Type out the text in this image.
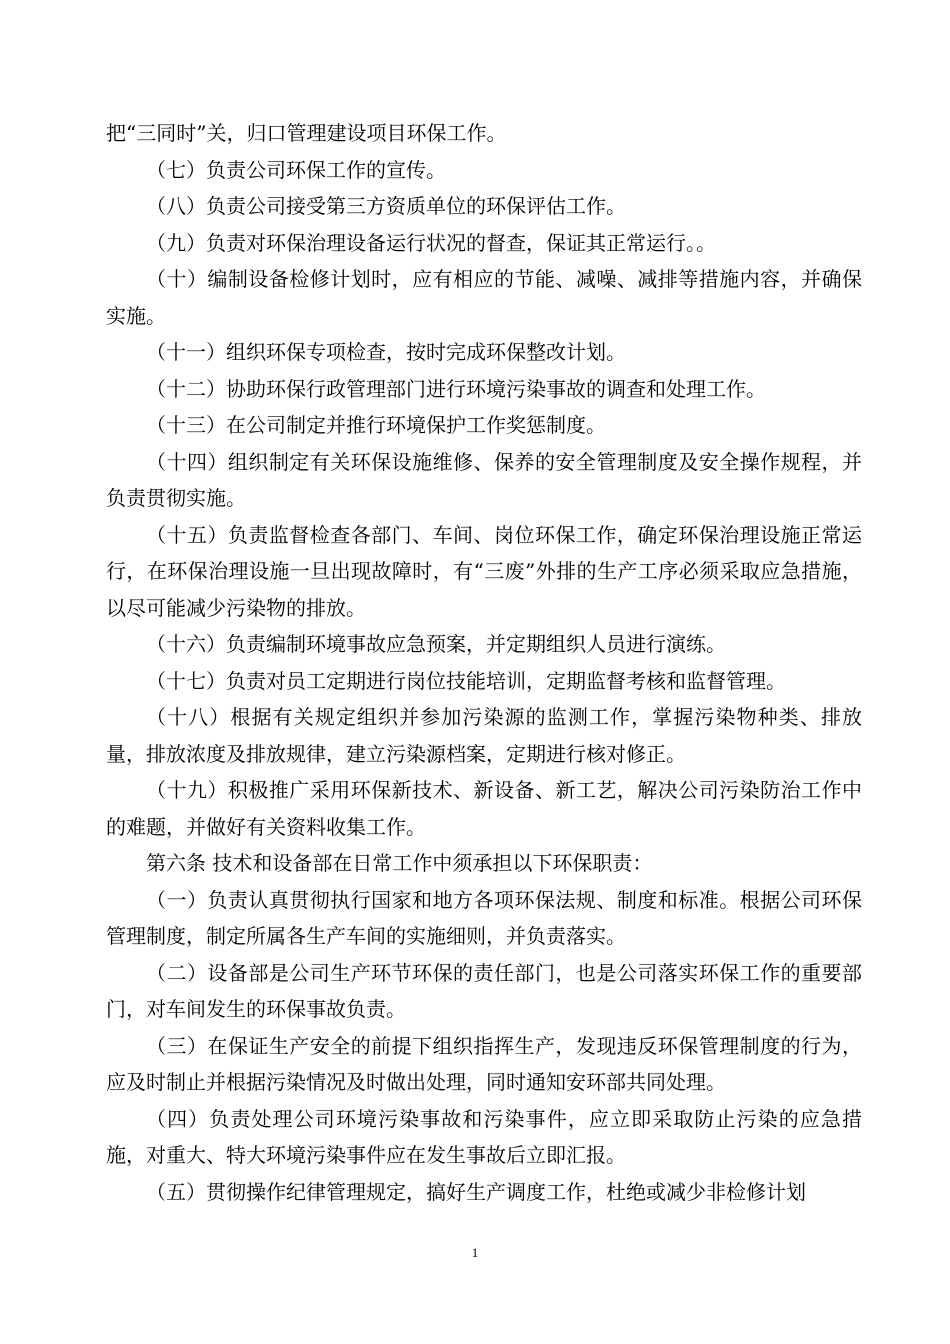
把“三同时”关，归口管理建设项目环保工作。

（七）负责公司环保工作的宣传。

（八）负责公司接受第三方资质单位的环保评估工作。

（九）负责对环保治理设备运行状况的督查，保证其正常运行。。

（十）编制设备检修计划时，应有相应的节能、减噪、减排等措施内容，并确保实施。

（十一）组织环保专项检查，按时完成环保整改计划。

（十二）协助环保行政管理部门进行环境污染事故的调查和处理工作。

（十三）在公司制定并推行环境保护工作奖惩制度。

（十四）组织制定有关环保设施维修、保养的安全管理制度及安全操作规程，并负责贯彻实施。

（十五）负责监督检查各部门、车间、岗位环保工作，确定环保治理设施正常运行，在环保治理设施一旦出现故障时，有“三废”外排的生产工序必须采取应急措施，以尽可能减少污染物的排放。

（十六）负责编制环境事故应急预案，并定期组织人员进行演练。

（十七）负责对员工定期进行岗位技能培训，定期监督考核和监督管理。

（十八）根据有关规定组织并参加污染源的监测工作，掌握污染物种类、排放量，排放浓度及排放规律，建立污染源档案，定期进行核对修正。

（十九）积极推广采用环保新技术、新设备、新工艺，解决公司污染防治工作中的难题，并做好有关资料收集工作。

第六条 技术和设备部在日常工作中须承担以下环保职责：

（一）负责认真贯彻执行国家和地方各项环保法规、制度和标准。根据公司环保管理制度，制定所属各生产车间的实施细则，并负责落实。

（二）设备部是公司生产环节环保的责任部门，也是公司落实环保工作的重要部门，对车间发生的环保事故负责。

（三）在保证生产安全的前提下组织指挥生产，发现违反环保管理制度的行为，应及时制止并根据污染情况及时做出处理，同时通知安环部共同处理。

（四）负责处理公司环境污染事故和污染事件，应立即采取防止污染的应急措施，对重大、特大环境污染事件应在发生事故后立即汇报。

（五）贯彻操作纪律管理规定，搞好生产调度工作，杜绝或减少非检修计划

1
